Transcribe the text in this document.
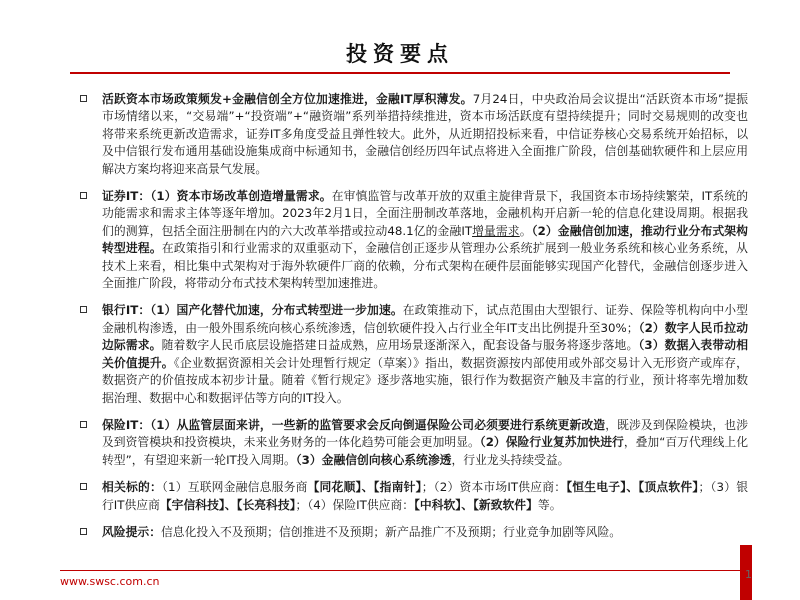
投资要点

活跃资本市场政策频发+金融信创全方位加速推进，金融IT厚积薄发。7月24日，中央政治局会议提出“活跃资本市场”提振市场情绪以来，“交易端”+“投资端”+“融资端”系列举措持续推进，资本市场活跃度有望持续提升；同时交易规则的改变也将带来系统更新改造需求，证券IT多角度受益且弹性较大。此外，从近期招投标来看，中信证券核心交易系统开始招标，以及中信银行发布通用基础设施集成商中标通知书，金融信创经历四年试点将进入全面推广阶段，信创基础软硬件和上层应用解决方案均将迎来高景气发展。

证券IT：（1）资本市场改革创造增量需求。在审慎监管与改革开放的双重主旋律背景下，我国资本市场持续繁荣，IT系统的功能需求和需求主体等逐年增加。2023年2月1日，全面注册制改革落地，金融机构开启新一轮的信息化建设周期。根据我们的测算，包括全面注册制在内的六大改革举措或拉动48.1亿的金融IT增量需求。（2）金融信创加速，推动行业分布式架构转型进程。在政策指引和行业需求的双重驱动下，金融信创正逐步从管理办公系统扩展到一般业务系统和核心业务系统，从技术上来看，相比集中式架构对于海外软硬件厂商的依赖，分布式架构在硬件层面能够实现国产化替代，金融信创逐步进入全面推广阶段，将带动分布式技术架构转型加速推进。

银行IT：（1）国产化替代加速，分布式转型进一步加速。在政策推动下，试点范围由大型银行、证券、保险等机构向中小型金融机构渗透，由一般外围系统向核心系统渗透，信创软硬件投入占行业全年IT支出比例提升至30%；（2）数字人民币拉动边际需求。随着数字人民币底层设施搭建日益成熟，应用场景逐渐深入，配套设备与服务将逐步落地。（3）数据入表带动相关价值提升。《企业数据资源相关会计处理暂行规定（草案）》指出，数据资源按内部使用或外部交易计入无形资产或库存，数据资产的价值按成本初步计量。随着《暂行规定》逐步落地实施，银行作为数据资产触及丰富的行业，预计将率先增加数据治理、数据中心和数据评估等方向的IT投入。

保险IT：（1）从监管层面来讲，一些新的监管要求会反向倒逼保险公司必须要进行系统更新改造，既涉及到保险模块，也涉及到资管模块和投资模块，未来业务财务的一体化趋势可能会更加明显。（2）保险行业复苏加快进行，叠加“百万代理线上化转型”，有望迎来新一轮IT投入周期。（3）金融信创向核心系统渗透，行业龙头持续受益。

相关标的：（1）互联网金融信息服务商【同花顺】、【指南针】；（2）资本市场IT供应商：【恒生电子】、【顶点软件】；（3）银行IT供应商【宇信科技】、【长亮科技】；（4）保险IT供应商：【中科软】、【新致软件】等。

风险提示：信息化投入不及预期；信创推进不及预期；新产品推广不及预期；行业竞争加剧等风险。

www.swsc.com.cn
1
